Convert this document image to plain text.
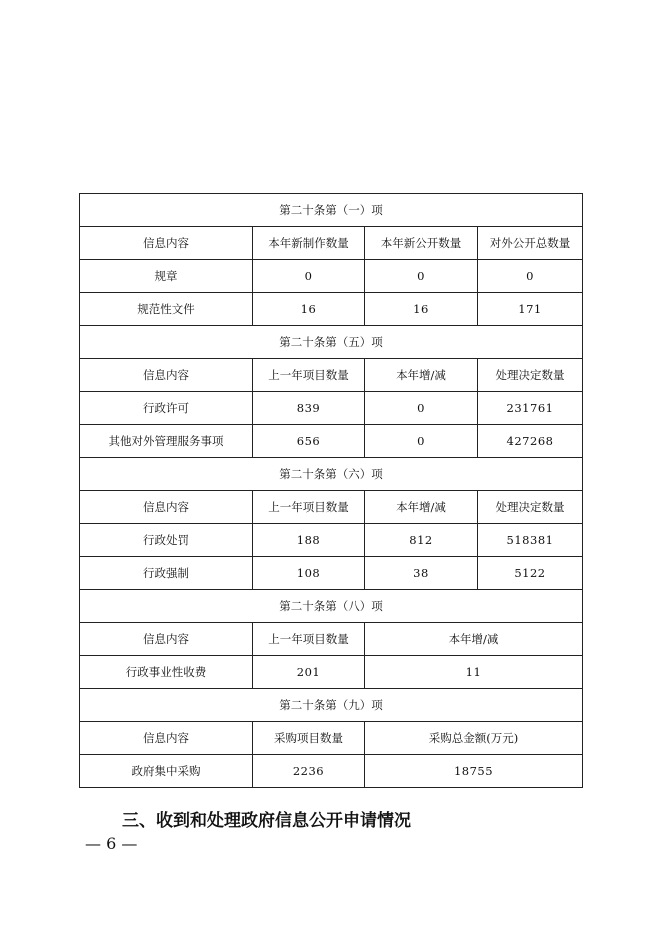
第二十条第（一）项			
信息内容	本年新制作数量	本年新公开数量	对外公开总数量
规章	0	0	0
规范性文件	16	16	171
第二十条第（五）项			
信息内容	上一年项目数量	本年增/减	处理决定数量
行政许可	839	0	231761
其他对外管理服务事项	656	0	427268
第二十条第（六）项			
信息内容	上一年项目数量	本年增/减	处理决定数量
行政处罚	188	812	518381
行政强制	108	38	5122
第二十条第（八）项			
信息内容	上一年项目数量	本年增/减	
行政事业性收费	201	11	
第二十条第（九）项			
信息内容	采购项目数量	采购总金额(万元)	
政府集中采购	2236	18755	
三、收到和处理政府信息公开申请情况
— 6 —
